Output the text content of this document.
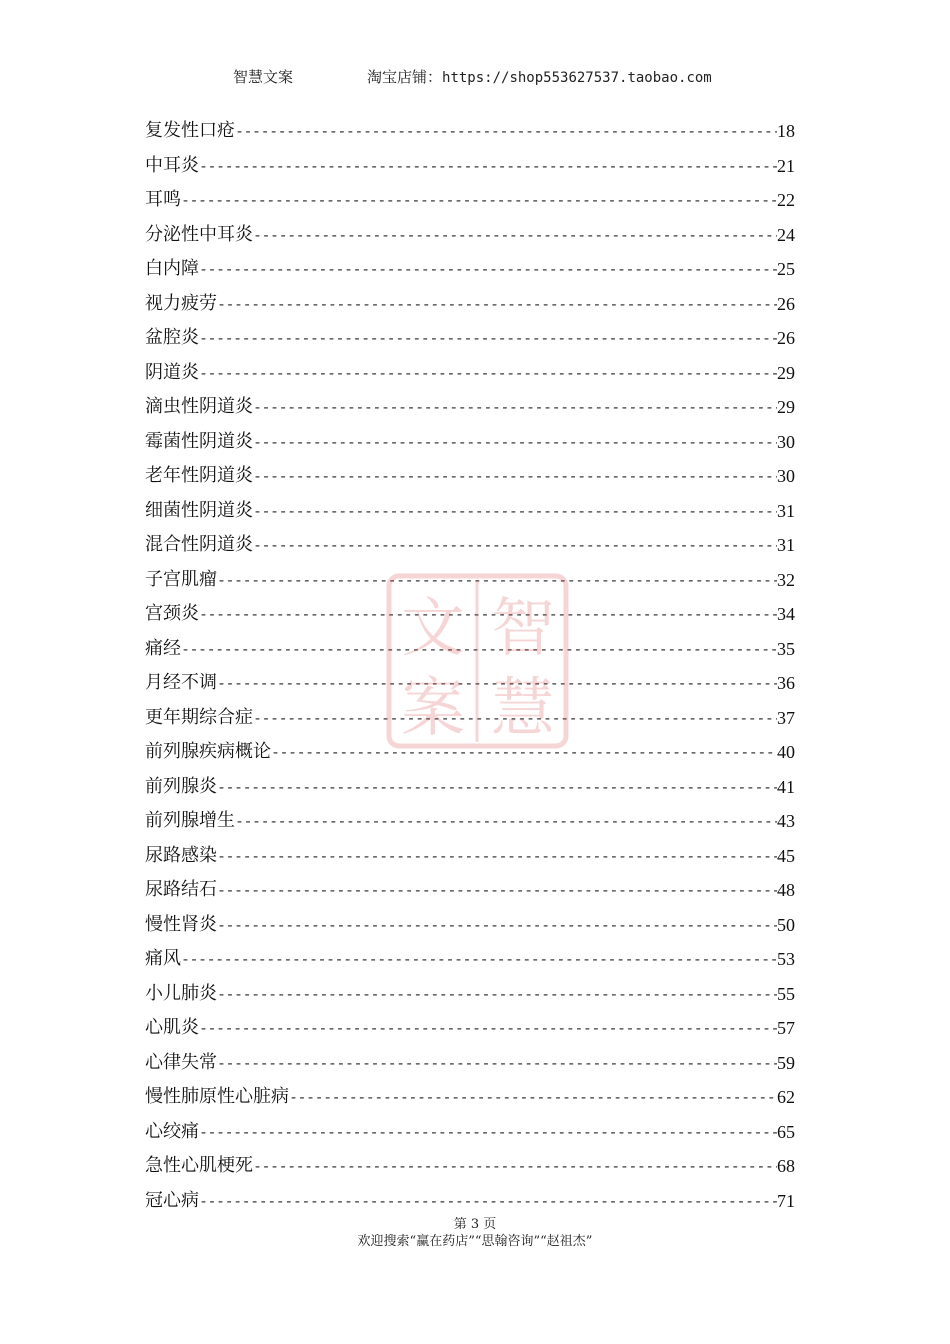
智慧文案	淘宝店铺：https://shop553627537.taobao.com
复发性口疮 -----	18
中耳炎 -----	21
耳鸣 -----	22
分泌性中耳炎 -----	24
白内障 -----	25
视力疲劳 -----	26
盆腔炎 -----	26
阴道炎 -----	29
滴虫性阴道炎 -----	29
霉菌性阴道炎 -----	30
老年性阴道炎 -----	30
细菌性阴道炎 -----	31
混合性阴道炎 -----	31
子宫肌瘤 -----	32
宫颈炎 -----	34
痛经 -----	35
月经不调 -----	36
更年期综合症 -----	37
前列腺疾病概论 -----	40
前列腺炎 -----	41
前列腺增生 -----	43
尿路感染 -----	45
尿路结石 -----	48
慢性肾炎 -----	50
痛风 -----	53
小儿肺炎 -----	55
心肌炎 -----	57
心律失常 -----	59
慢性肺原性心脏病 -----	62
心绞痛 -----	65
急性心肌梗死 -----	68
冠心病 -----	71
文 智
案 慧
第 3 页
欢迎搜索“赢在药店”“思翰咨询”“赵祖杰”
